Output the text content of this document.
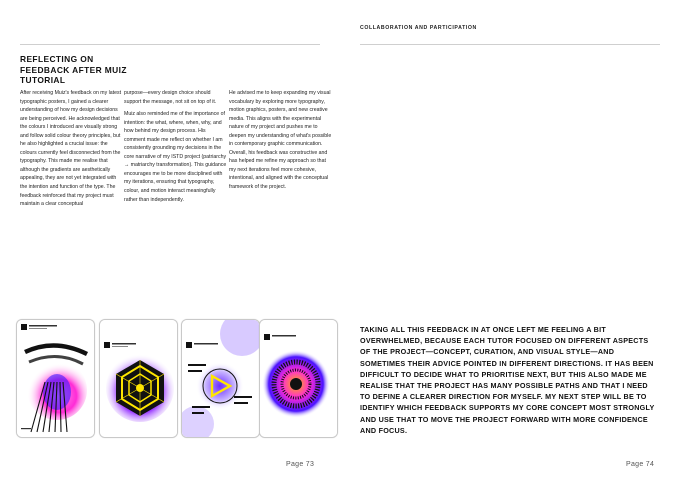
COLLABORATION AND PARTICIPATION
REFLECTING ON FEEDBACK AFTER MUIZ TUTORIAL

After receiving Muiz's feedback on my latest typographic posters, I gained a clearer understanding of how my design decisions are being perceived. He acknowledged that the colours I introduced are visually strong and follow solid colour theory principles, but he also highlighted a crucial issue: the colours currently feel disconnected from the typography. This made me realise that although the gradients are aesthetically appealing, they are not yet integrated with the intention and function of the type. The feedback reinforced that my project must maintain a clear conceptual

purpose—every design choice should support the message, not sit on top of it.

Muiz also reminded me of the importance of intention: the what, where, when, why, and how behind my design process. His comment made me reflect on whether I am consistently grounding my decisions in the core narrative of my ISTD project (patriarchy → matriarchy transformation). This guidance encourages me to be more disciplined with my iterations, ensuring that typography, colour, and motion interact meaningfully rather than independently.

He advised me to keep expanding my visual vocabulary by exploring more typography, motion graphics, posters, and new creative media. This aligns with the experimental nature of my project and pushes me to deepen my understanding of what's possible in contemporary graphic communication. Overall, his feedback was constructive and has helped me refine my approach so that my next iterations feel more cohesive, intentional, and aligned with the conceptual framework of the project.

TAKING ALL THIS FEEDBACK IN AT ONCE LEFT ME FEELING A BIT OVERWHELMED, BECAUSE EACH TUTOR FOCUSED ON DIFFERENT ASPECTS OF THE PROJECT—CONCEPT, CURATION, AND VISUAL STYLE—AND SOMETIMES THEIR ADVICE POINTED IN DIFFERENT DIRECTIONS. IT HAS BEEN DIFFICULT TO DECIDE WHAT TO PRIORITISE NEXT, BUT THIS ALSO MADE ME REALISE THAT THE PROJECT HAS MANY POSSIBLE PATHS AND THAT I NEED TO DEFINE A CLEARER DIRECTION FOR MYSELF. MY NEXT STEP WILL BE TO IDENTIFY WHICH FEEDBACK SUPPORTS MY CORE CONCEPT MOST STRONGLY AND USE THAT TO MOVE THE PROJECT FORWARD WITH MORE CONFIDENCE AND FOCUS.
Page 73	Page 74
